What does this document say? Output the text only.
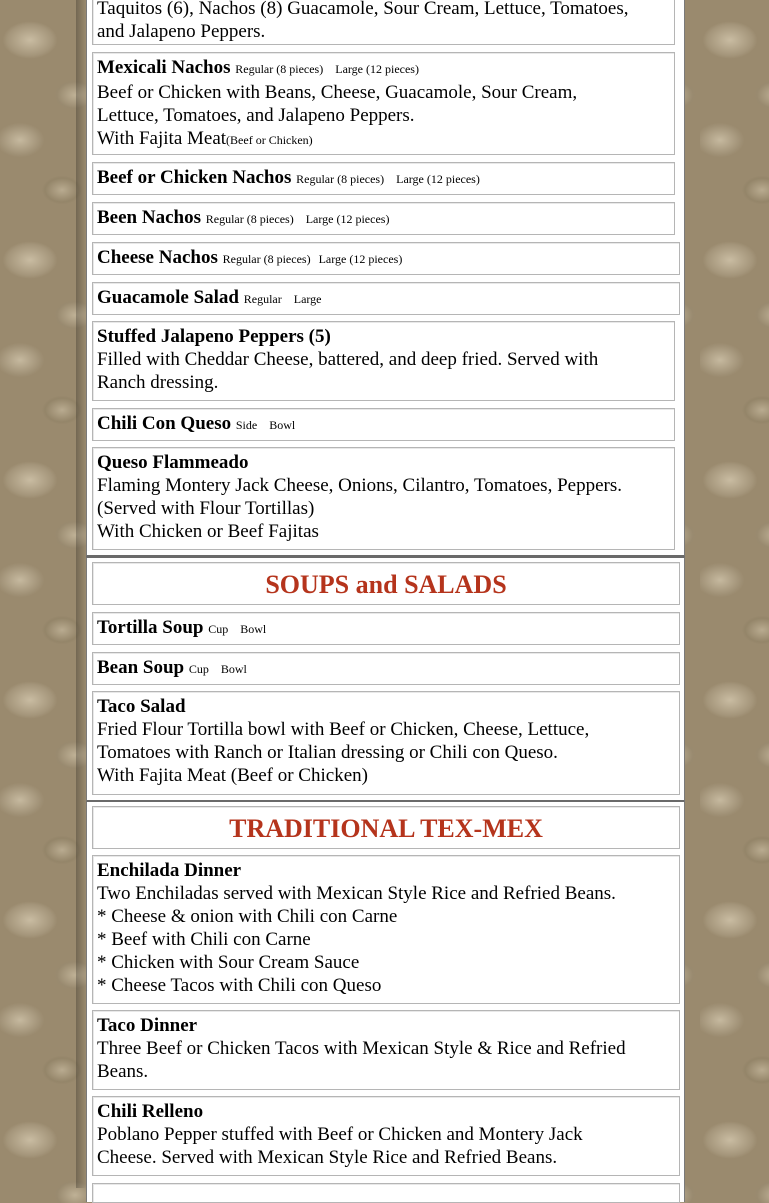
Taquitos (6), Nachos (8) Guacamole, Sour Cream, Lettuce, Tomatoes,
and Jalapeno Peppers.
Mexicali Nachos Regular (8 pieces) Large (12 pieces)
Beef or Chicken with Beans, Cheese, Guacamole, Sour Cream,
Lettuce, Tomatoes, and Jalapeno Peppers.
With Fajita Meat(Beef or Chicken)
Beef or Chicken Nachos Regular (8 pieces) Large (12 pieces)
Been Nachos Regular (8 pieces) Large (12 pieces)
Cheese Nachos Regular (8 pieces) Large (12 pieces)
Guacamole Salad Regular Large
Stuffed Jalapeno Peppers (5)
Filled with Cheddar Cheese, battered, and deep fried. Served with
Ranch dressing.
Chili Con Queso Side Bowl
Queso Flammeado
Flaming Montery Jack Cheese, Onions, Cilantro, Tomatoes, Peppers.
(Served with Flour Tortillas)
With Chicken or Beef Fajitas
SOUPS and SALADS
Tortilla Soup Cup Bowl
Bean Soup Cup Bowl
Taco Salad
Fried Flour Tortilla bowl with Beef or Chicken, Cheese, Lettuce,
Tomatoes with Ranch or Italian dressing or Chili con Queso.
With Fajita Meat (Beef or Chicken)
TRADITIONAL TEX-MEX
Enchilada Dinner
Two Enchiladas served with Mexican Style Rice and Refried Beans.
* Cheese & onion with Chili con Carne
* Beef with Chili con Carne
* Chicken with Sour Cream Sauce
* Cheese Tacos with Chili con Queso
Taco Dinner
Three Beef or Chicken Tacos with Mexican Style & Rice and Refried
Beans.
Chili Relleno
Poblano Pepper stuffed with Beef or Chicken and Montery Jack
Cheese. Served with Mexican Style Rice and Refried Beans.
